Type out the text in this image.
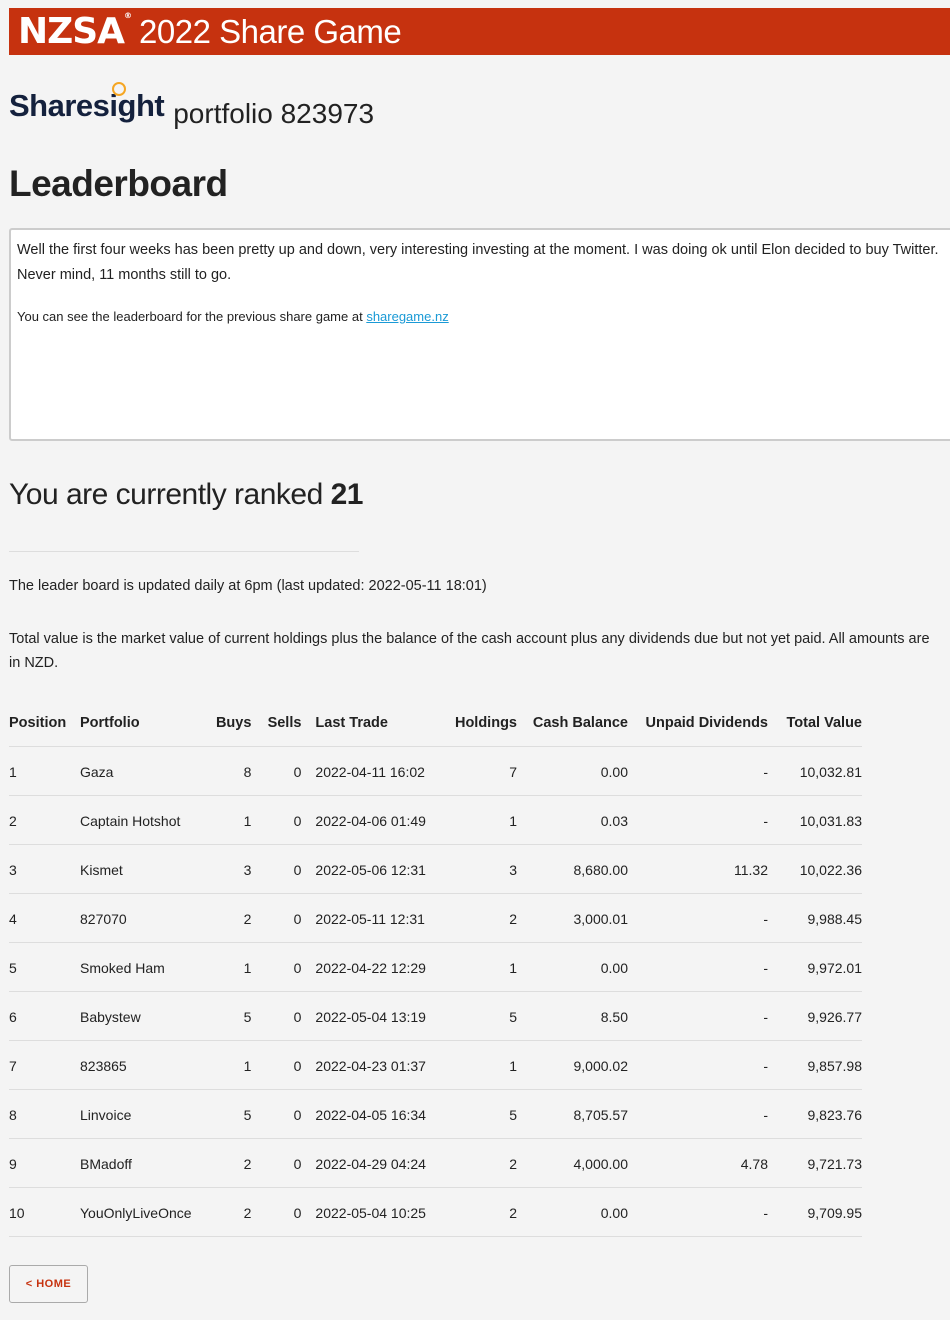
NZSA® 2022 Share Game
Sharesight portfolio 823973
Leaderboard

Well the first four weeks has been pretty up and down, very interesting investing at the moment. I was doing ok until Elon decided to buy Twitter. Never mind, 11 months still to go.

You can see the leaderboard for the previous share game at sharegame.nz

You are currently ranked 21
The leader board is updated daily at 6pm (last updated: 2022-05-11 18:01)
Total value is the market value of current holdings plus the balance of the cash account plus any dividends due but not yet paid. All amounts are in NZD.
Position	Portfolio	Buys	Sells	Last Trade	Holdings	Cash Balance	Unpaid Dividends	Total Value
1	Gaza	8	0	2022-04-11 16:02	7	0.00	-	10,032.81
2	Captain Hotshot	1	0	2022-04-06 01:49	1	0.03	-	10,031.83
3	Kismet	3	0	2022-05-06 12:31	3	8,680.00	11.32	10,022.36
4	827070	2	0	2022-05-11 12:31	2	3,000.01	-	9,988.45
5	Smoked Ham	1	0	2022-04-22 12:29	1	0.00	-	9,972.01
6	Babystew	5	0	2022-05-04 13:19	5	8.50	-	9,926.77
7	823865	1	0	2022-04-23 01:37	1	9,000.02	-	9,857.98
8	Linvoice	5	0	2022-04-05 16:34	5	8,705.57	-	9,823.76
9	BMadoff	2	0	2022-04-29 04:24	2	4,000.00	4.78	9,721.73
10	YouOnlyLiveOnce	2	0	2022-05-04 10:25	2	0.00	-	9,709.95

< HOME
